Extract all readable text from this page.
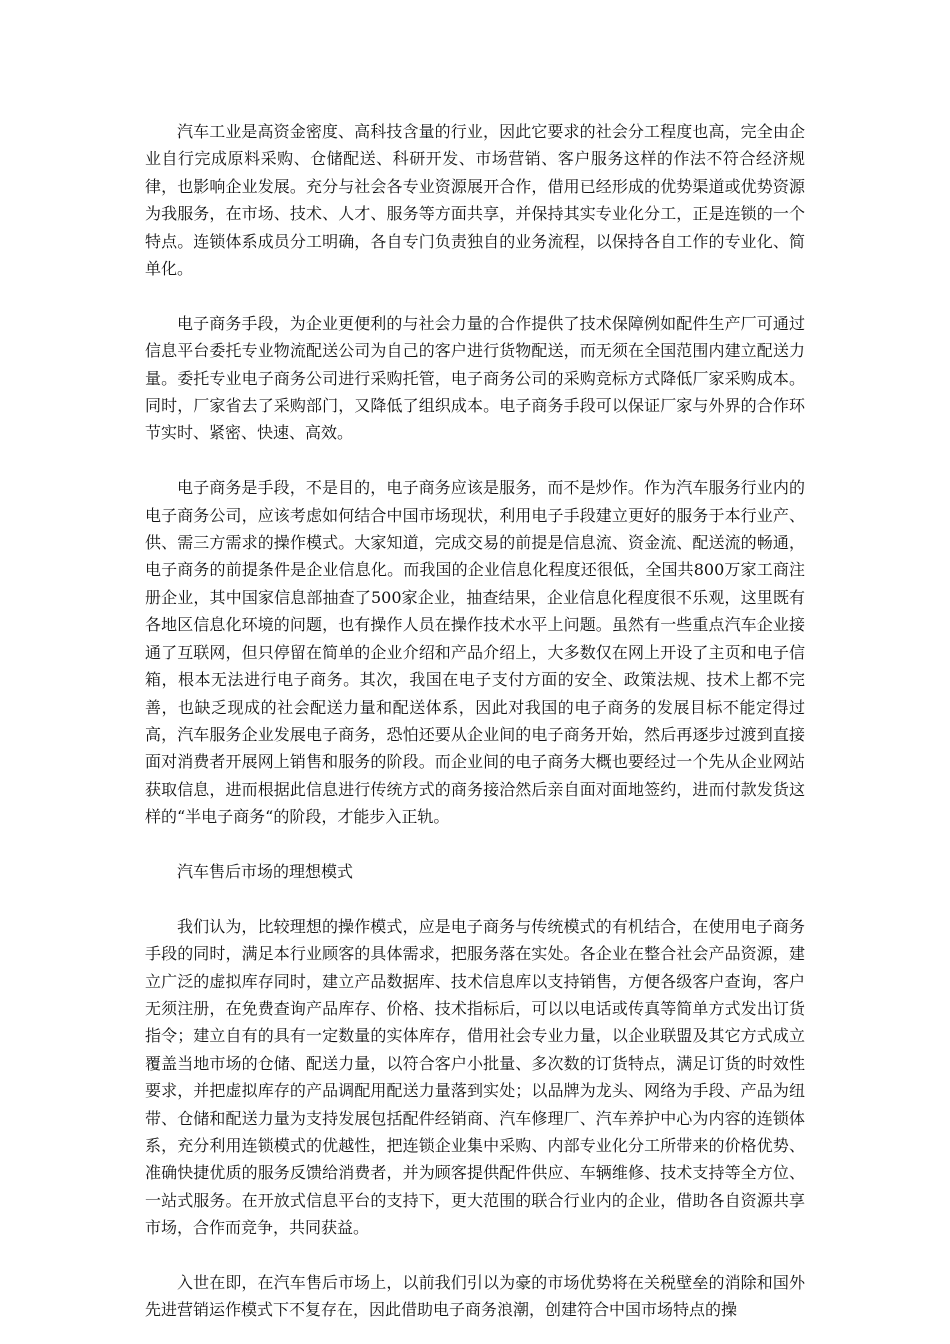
汽车工业是高资金密度、高科技含量的行业，因此它要求的社会分工程度也高，完全由企业自行完成原料采购、仓储配送、科研开发、市场营销、客户服务这样的作法不符合经济规律，也影响企业发展。充分与社会各专业资源展开合作，借用已经形成的优势渠道或优势资源为我服务，在市场、技术、人才、服务等方面共享，并保持其实专业化分工，正是连锁的一个特点。连锁体系成员分工明确，各自专门负责独自的业务流程，以保持各自工作的专业化、简单化。

电子商务手段，为企业更便利的与社会力量的合作提供了技术保障例如配件生产厂可通过信息平台委托专业物流配送公司为自己的客户进行货物配送，而无须在全国范围内建立配送力量。委托专业电子商务公司进行采购托管，电子商务公司的采购竞标方式降低厂家采购成本。同时，厂家省去了采购部门，又降低了组织成本。电子商务手段可以保证厂家与外界的合作环节实时、紧密、快速、高效。

电子商务是手段，不是目的，电子商务应该是服务，而不是炒作。作为汽车服务行业内的电子商务公司，应该考虑如何结合中国市场现状，利用电子手段建立更好的服务于本行业产、供、需三方需求的操作模式。大家知道，完成交易的前提是信息流、资金流、配送流的畅通，电子商务的前提条件是企业信息化。而我国的企业信息化程度还很低，全国共800万家工商注册企业，其中国家信息部抽查了500家企业，抽查结果，企业信息化程度很不乐观，这里既有各地区信息化环境的问题，也有操作人员在操作技术水平上问题。虽然有一些重点汽车企业接通了互联网，但只停留在简单的企业介绍和产品介绍上，大多数仅在网上开设了主页和电子信箱，根本无法进行电子商务。其次，我国在电子支付方面的安全、政策法规、技术上都不完善，也缺乏现成的社会配送力量和配送体系，因此对我国的电子商务的发展目标不能定得过高，汽车服务企业发展电子商务，恐怕还要从企业间的电子商务开始，然后再逐步过渡到直接面对消费者开展网上销售和服务的阶段。而企业间的电子商务大概也要经过一个先从企业网站获取信息，进而根据此信息进行传统方式的商务接洽然后亲自面对面地签约，进而付款发货这样的“半电子商务“的阶段，才能步入正轨。

汽车售后市场的理想模式

我们认为，比较理想的操作模式，应是电子商务与传统模式的有机结合，在使用电子商务手段的同时，满足本行业顾客的具体需求，把服务落在实处。各企业在整合社会产品资源，建立广泛的虚拟库存同时，建立产品数据库、技术信息库以支持销售，方便各级客户查询，客户无须注册，在免费查询产品库存、价格、技术指标后，可以以电话或传真等简单方式发出订货指令；建立自有的具有一定数量的实体库存，借用社会专业力量，以企业联盟及其它方式成立覆盖当地市场的仓储、配送力量，以符合客户小批量、多次数的订货特点，满足订货的时效性要求，并把虚拟库存的产品调配用配送力量落到实处；以品牌为龙头、网络为手段、产品为纽带、仓储和配送力量为支持发展包括配件经销商、汽车修理厂、汽车养护中心为内容的连锁体系，充分利用连锁模式的优越性，把连锁企业集中采购、内部专业化分工所带来的价格优势、准确快捷优质的服务反馈给消费者，并为顾客提供配件供应、车辆维修、技术支持等全方位、一站式服务。在开放式信息平台的支持下，更大范围的联合行业内的企业，借助各自资源共享市场，合作而竞争，共同获益。

入世在即，在汽车售后市场上，以前我们引以为豪的市场优势将在关税壁垒的消除和国外先进营销运作模式下不复存在，因此借助电子商务浪潮，创建符合中国市场特点的操
